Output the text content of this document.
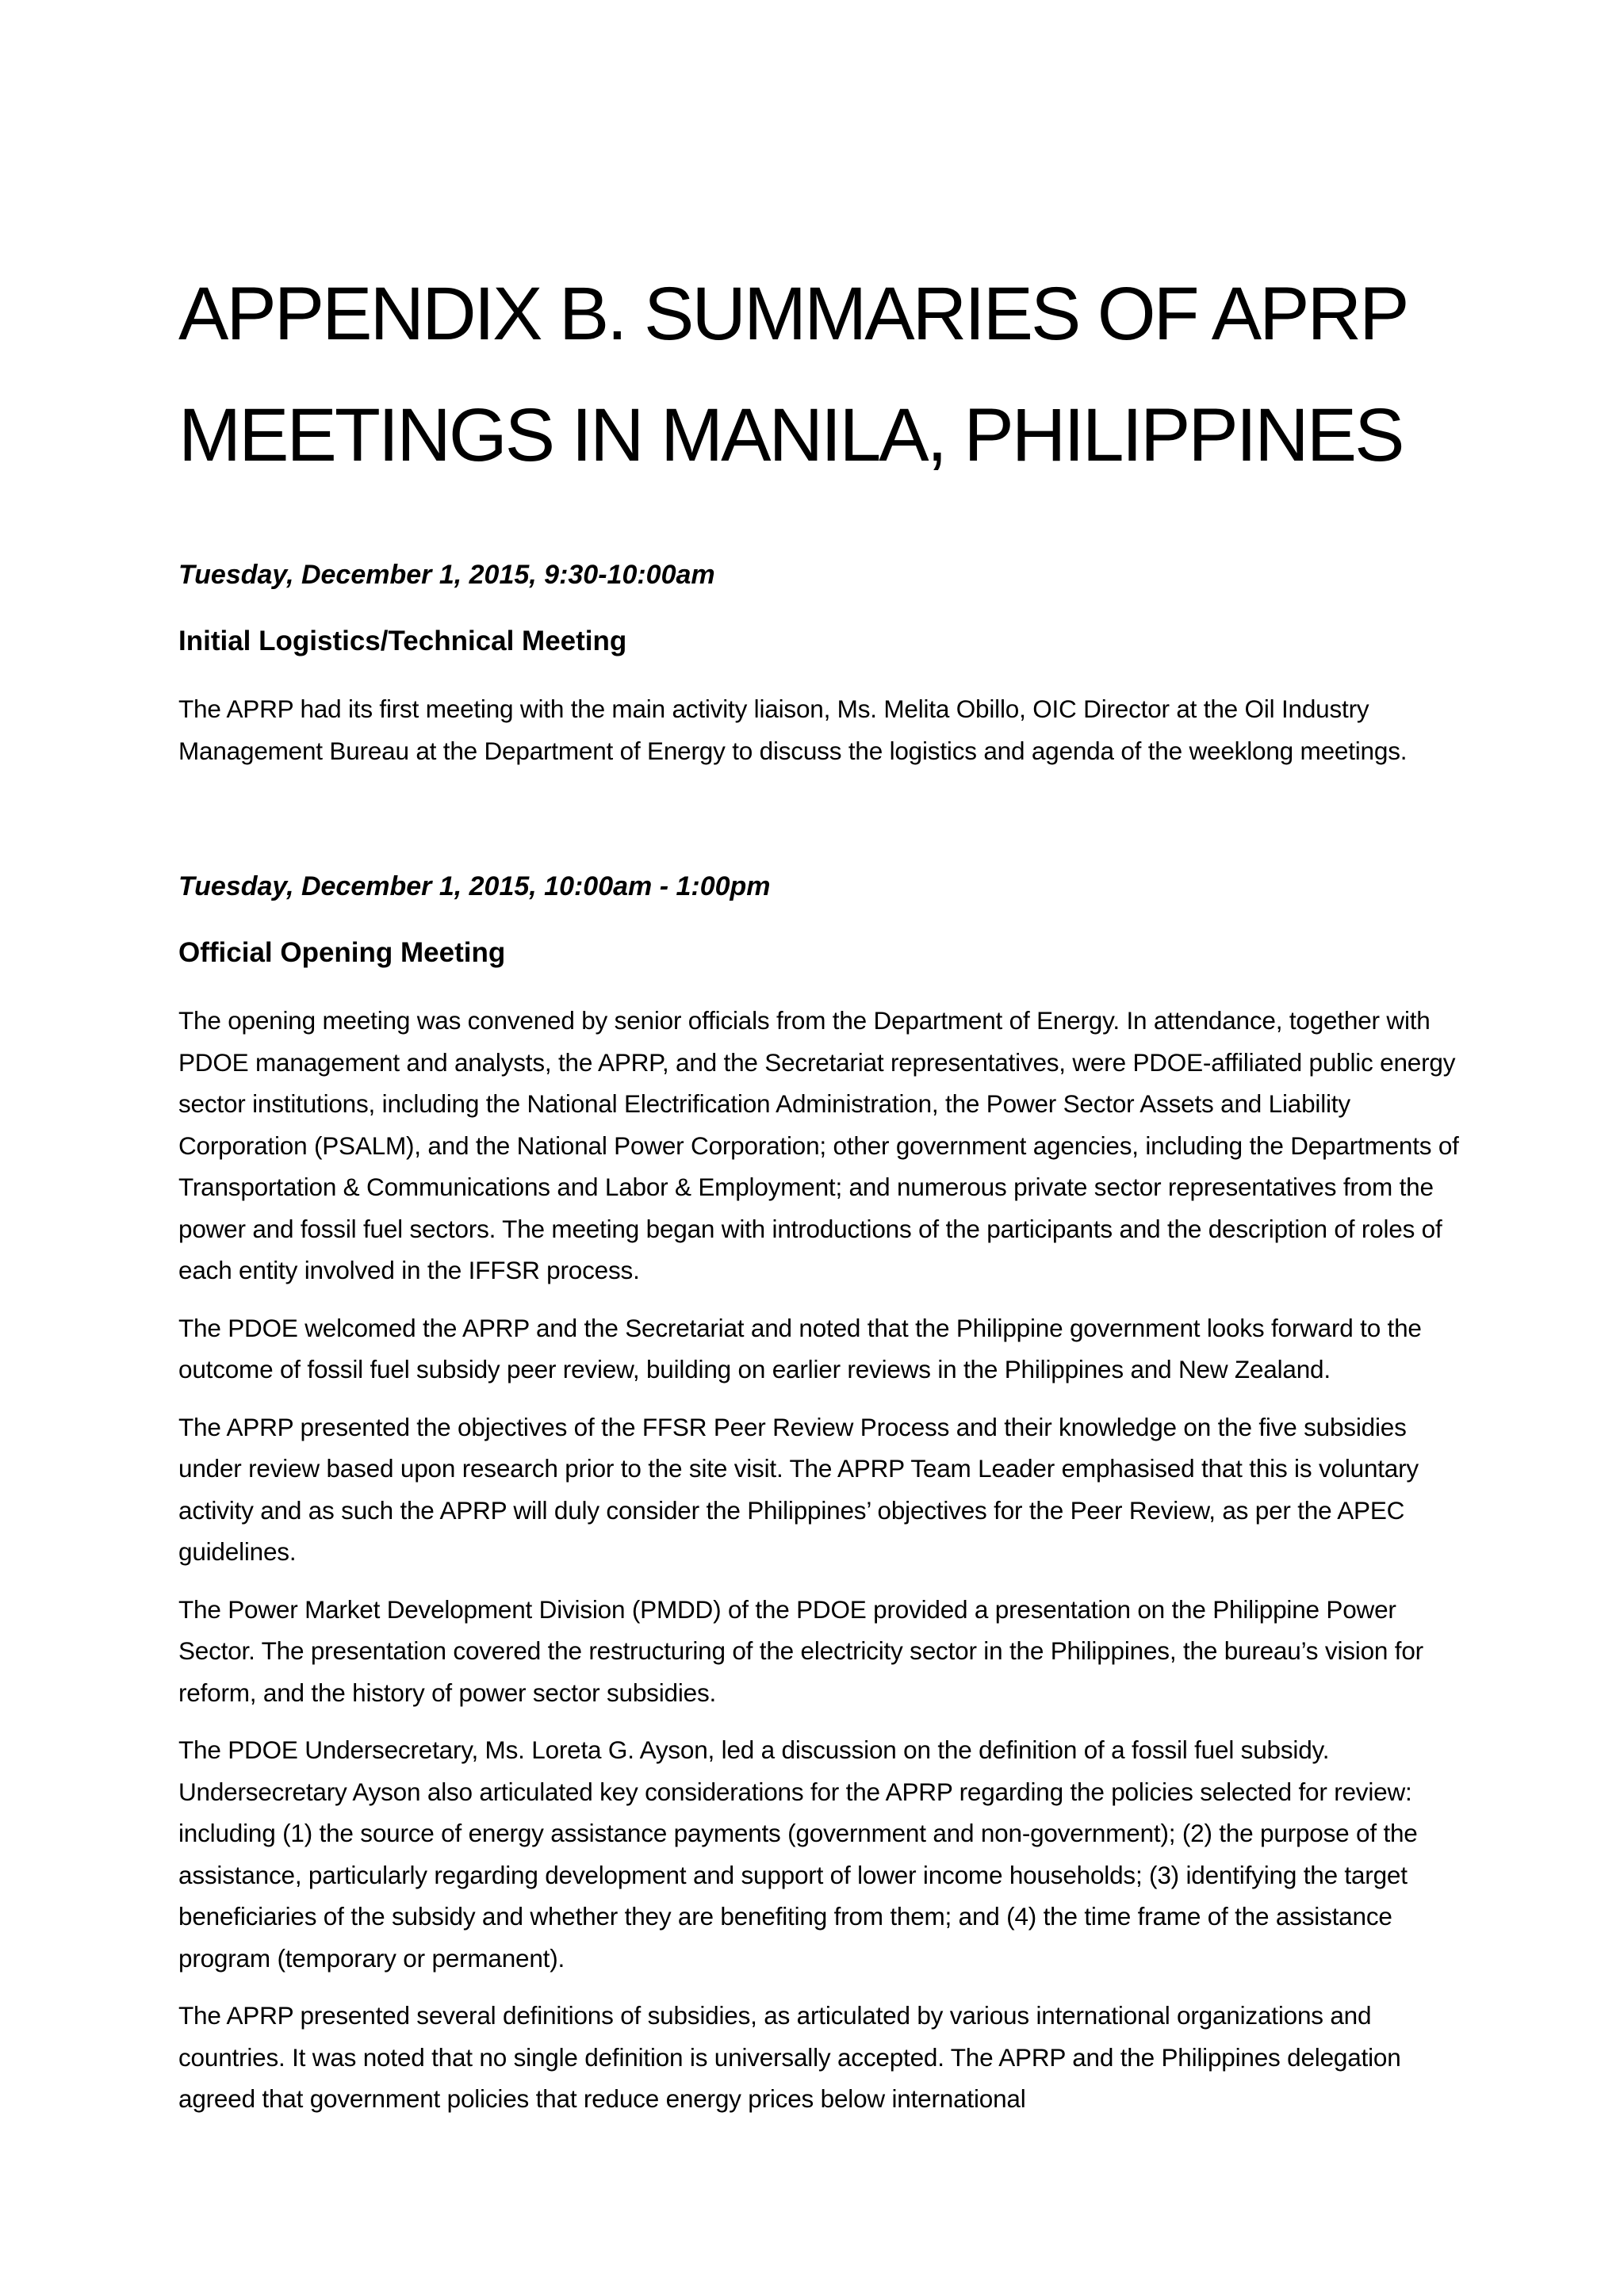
APPENDIX B. SUMMARIES OF APRP
MEETINGS IN MANILA, PHILIPPINES

Tuesday, December 1, 2015, 9:30-10:00am

Initial Logistics/Technical Meeting

The APRP had its first meeting with the main activity liaison, Ms. Melita Obillo, OIC Director at the Oil Industry Management Bureau at the Department of Energy to discuss the logistics and agenda of the weeklong meetings.

Tuesday, December 1, 2015, 10:00am - 1:00pm

Official Opening Meeting

The opening meeting was convened by senior officials from the Department of Energy. In attendance, together with PDOE management and analysts, the APRP, and the Secretariat representatives, were PDOE-affiliated public energy sector institutions, including the National Electrification Administration, the Power Sector Assets and Liability Corporation (PSALM), and the National Power Corporation; other government agencies, including the Departments of Transportation & Communications and Labor & Employment; and numerous private sector representatives from the power and fossil fuel sectors. The meeting began with introductions of the participants and the description of roles of each entity involved in the IFFSR process.

The PDOE welcomed the APRP and the Secretariat and noted that the Philippine government looks forward to the outcome of fossil fuel subsidy peer review, building on earlier reviews in the Philippines and New Zealand.

The APRP presented the objectives of the FFSR Peer Review Process and their knowledge on the five subsidies under review based upon research prior to the site visit. The APRP Team Leader emphasised that this is voluntary activity and as such the APRP will duly consider the Philippines’ objectives for the Peer Review, as per the APEC guidelines.

The Power Market Development Division (PMDD) of the PDOE provided a presentation on the Philippine Power Sector. The presentation covered the restructuring of the electricity sector in the Philippines, the bureau’s vision for reform, and the history of power sector subsidies.

The PDOE Undersecretary, Ms. Loreta G. Ayson, led a discussion on the definition of a fossil fuel subsidy. Undersecretary Ayson also articulated key considerations for the APRP regarding the policies selected for review: including (1) the source of energy assistance payments (government and non-government); (2) the purpose of the assistance, particularly regarding development and support of lower income households; (3) identifying the target beneficiaries of the subsidy and whether they are benefiting from them; and (4) the time frame of the assistance program (temporary or permanent).

The APRP presented several definitions of subsidies, as articulated by various international organizations and countries. It was noted that no single definition is universally accepted. The APRP and the Philippines delegation agreed that government policies that reduce energy prices below international
